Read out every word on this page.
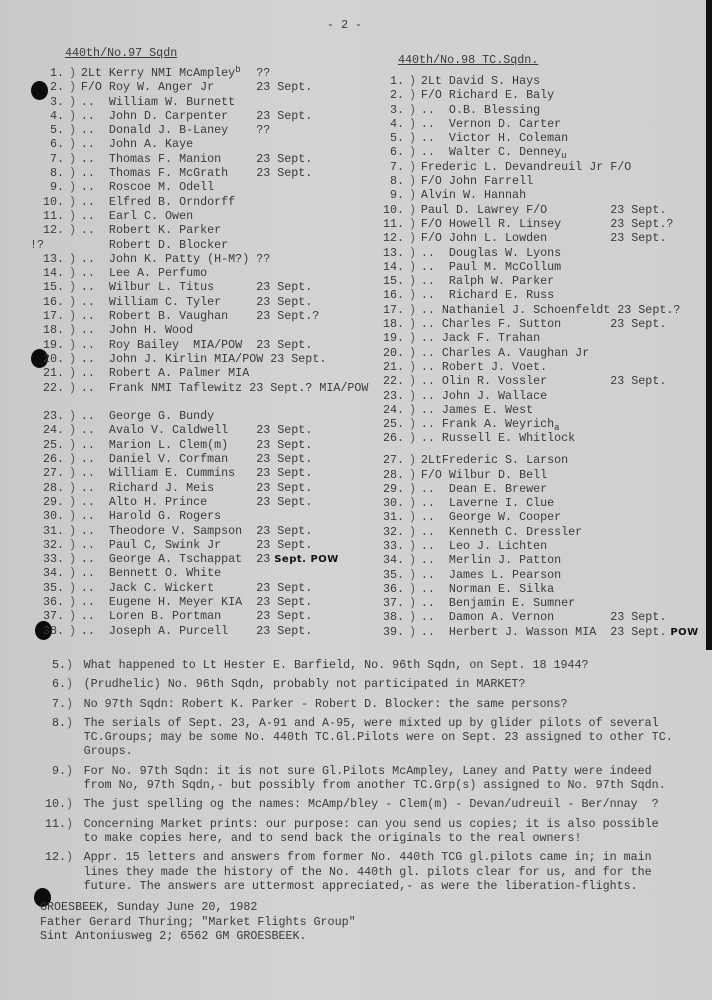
- 2 -
440th/No.97 Sqdn
1. ) 2Lt Kerry NMI McAmpley$^b$ ??
2. ) F/O Roy W. Anger Jr	23 Sept.
3. ) ..  William W. Burnett
4. ) ..  John D. Carpenter 23 Sept.
5. ) ..  Donald J. B-Laney ??
6. ) ..  John A. Kaye
7. ) ..  Thomas F. Manion	23 Sept.
8. ) ..  Thomas F. McGrath 23 Sept.
9. ) ..  Roscoe M. Odell
10. ) ..  Elfred B. Orndorff
11. ) ..  Earl C. Owen
12. ) ..  Robert K. Parker
!?	Robert D. Blocker
13. ) ..  John K. Patty (H-M?) ??
14. ) ..  Lee A. Perfumo
15. ) ..  Wilbur L. Titus	23 Sept.
16. ) ..  William C. Tyler	23 Sept.
17. ) ..  Robert B. Vaughan 23 Sept.?
18. ) ..  John H. Wood
19. ) ..  Roy Bailey  MIA/POW 23 Sept.
20. ) ..  John J. Kirlin MIA/POW 23 Sept.
21. ) ..  Robert A. Palmer MIA
22. ) ..  Frank NMI Taflewitz 23 Sept.? MIA/POW
23. ) ..  George G. Bundy
24. ) ..  Avalo V. Caldwell 23 Sept.
25. ) ..  Marion L. Clem(m) 23 Sept.
26. ) ..  Daniel V. Corfman 23 Sept.
27. ) ..  William E. Cummins 23 Sept.
28. ) ..  Richard J. Meis	23 Sept.
29. ) ..  Alto H. Prince	23 Sept.
30. ) ..  Harold G. Rogers
31. ) ..  Theodore V. Sampson 23 Sept.
32. ) ..  Paul C, Swink Jr	23 Sept.
33. ) ..  George A. Tschappat 23 Sept. POW
34. ) ..  Bennett O. White
35. ) ..  Jack C. Wickert	23 Sept.
36. ) ..  Eugene H. Meyer KIA 23 Sept.
37. ) ..  Loren B. Portman	23 Sept.
38. ) ..  Joseph A. Purcell 23 Sept.
440th/No.98 TC.Sqdn.
1. ) 2Lt David S. Hays
2. ) F/O Richard E. Baly
3. ) ..  O.B. Blessing
4. ) ..  Vernon D. Carter
5. ) ..  Victor H. Coleman
6. ) ..  Walter C. Denney$_u$
7. ) Frederic L. Devandreuil Jr F/O
8. ) F/O John Farrell
9. ) Alvin W. Hannah
10. ) Paul D. Lawrey F/O	23 Sept.
11. ) F/O Howell R. Linsey	23 Sept.?
12. ) F/O John L. Lowden	23 Sept.
13. ) ..  Douglas W. Lyons
14. ) ..  Paul M. McCollum
15. ) ..  Ralph W. Parker
16. ) ..  Richard E. Russ
17. ) .. Nathaniel J. Schoenfeldt 23 Sept.?
18. ) .. Charles F. Sutton	23 Sept.
19. ) .. Jack F. Trahan
20. ) .. Charles A. Vaughan Jr
21. ) .. Robert J. Voet.
22. ) .. Olin R. Vossler	23 Sept.
23. ) .. John J. Wallace
24. ) .. James E. West
25. ) .. Frank A. Weyrich$_a$
26. ) .. Russell E. Whitlock
27. ) 2LtFrederic S. Larson
28. ) F/O Wilbur D. Bell
29. ) ..  Dean E. Brewer
30. ) ..  Laverne I. Clue
31. ) ..  George W. Cooper
32. ) ..  Kenneth C. Dressler
33. ) ..  Leo J. Lichten
34. ) ..  Merlin J. Patton
35. ) ..  James L. Pearson
36. ) ..  Norman E. Silka
37. ) ..  Benjamin E. Sumner
38. ) ..  Damon A. Vernon	23 Sept.
39. ) ..  Herbert J. Wasson MIA 23 Sept. POW
5. ) What happened to Lt Hester E. Barfield, No. 96th Sqdn, on Sept. 18 1944?
6. ) (Prudhelic) No. 96th Sqdn, probably not participated in MARKET?
7. ) No 97th Sqdn: Robert K. Parker - Robert D. Blocker: the same persons?
8. ) The serials of Sept. 23, A-91 and A-95, were mixted up by glider pilots of several
TC.Groups; may be some No. 440th TC.Gl.Pilots were on Sept. 23 assigned to other TC.
Groups.
9. ) For No. 97th Sqdn: it is not sure Gl.Pilots McAmpley, Laney and Patty were indeed
from No, 97th Sqdn,- but possibly from another TC.Grp(s) assigned to No. 97th Sqdn.
10. ) The just spelling og the names: McAmp/bley - Clem(m) - Devan/udreuil - Ber/nnay  ?
11. ) Concerning Market prints: our purpose: can you send us copies; it is also possible
to make copies here, and to send back the originals to the real owners!
12. ) Appr. 15 letters and answers from former No. 440th TCG gl.pilots came in; in main
lines they made the history of the No. 440th gl. pilots clear for us, and for the
future. The answers are uttermost appreciated,- as were the liberation-flights.
GROESBEEK, Sunday June 20, 1982
Father Gerard Thuring; "Market Flights Group"
Sint Antoniusweg 2; 6562 GM GROESBEEK.
